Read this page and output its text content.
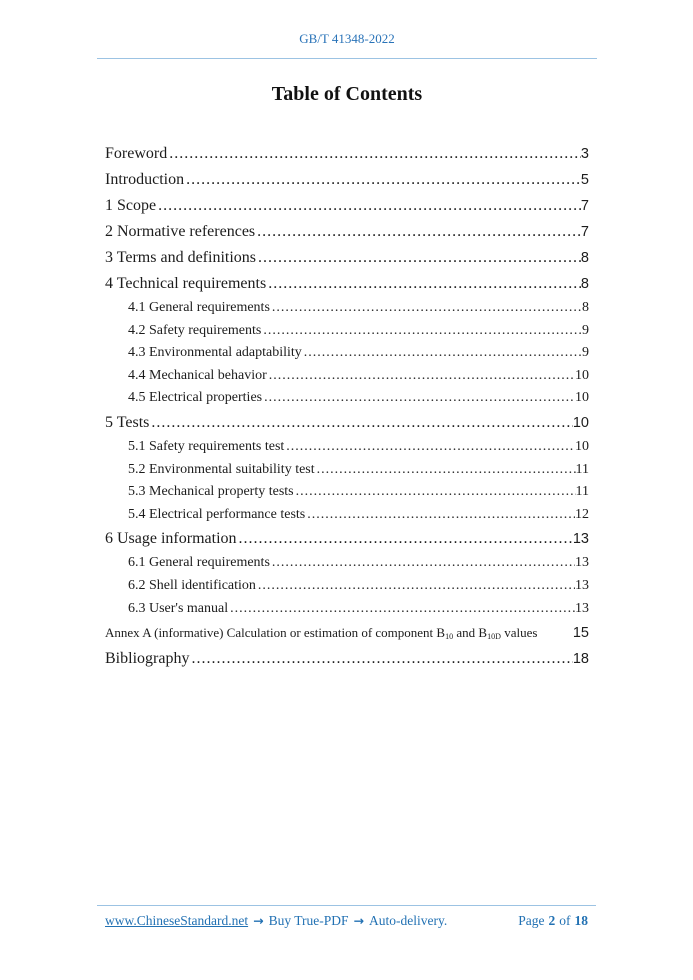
GB/T 41348-2022
Table of Contents
Foreword .....	3
Introduction .....	5
1 Scope .....	7
2 Normative references .....	7
3 Terms and definitions .....	8
4 Technical requirements .....	8
4.1 General requirements .....	8
4.2 Safety requirements .....	9
4.3 Environmental adaptability .....	9
4.4 Mechanical behavior .....	10
4.5 Electrical properties .....	10
5 Tests .....	10
5.1 Safety requirements test .....	10
5.2 Environmental suitability test .....	11
5.3 Mechanical property tests .....	11
5.4 Electrical performance tests .....	12
6 Usage information .....	13
6.1 General requirements .....	13
6.2 Shell identification .....	13
6.3 User's manual .....	13
Annex A (informative) Calculation or estimation of component $B_{10}$ and $B_{10D}$ values 15
Bibliography .....	18
www.ChineseStandard.net → Buy True-PDF → Auto-delivery.	Page 2 of 18
